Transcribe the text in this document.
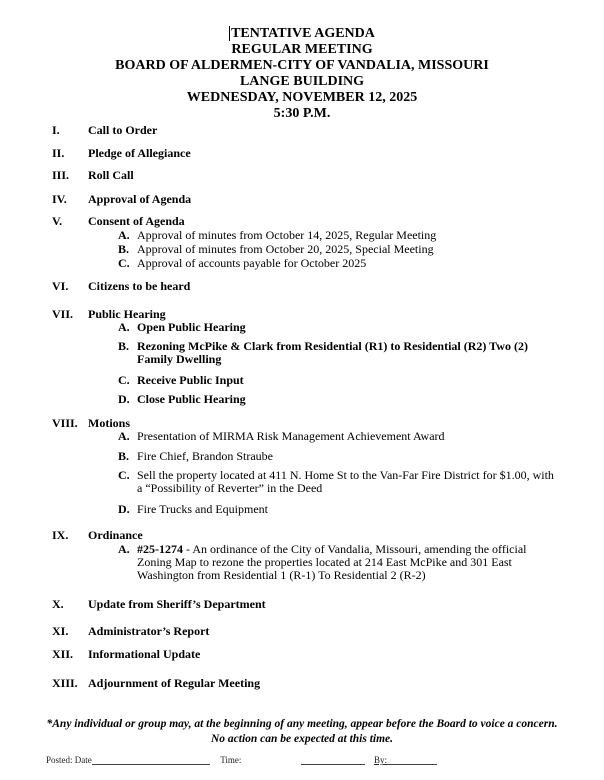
TENTATIVE AGENDA
REGULAR MEETING
BOARD OF ALDERMEN-CITY OF VANDALIA, MISSOURI
LANGE BUILDING
WEDNESDAY, NOVEMBER 12, 2025
5:30 P.M.
I. Call to Order
II. Pledge of Allegiance
III. Roll Call
IV. Approval of Agenda
V. Consent of Agenda
A. Approval of minutes from October 14, 2025, Regular Meeting
B. Approval of minutes from October 20, 2025, Special Meeting
C. Approval of accounts payable for October 2025
VI. Citizens to be heard
VII. Public Hearing
A. Open Public Hearing
B. Rezoning McPike & Clark from Residential (R1) to Residential (R2) Two (2) Family Dwelling
C. Receive Public Input
D. Close Public Hearing
VIII. Motions
A. Presentation of MIRMA Risk Management Achievement Award
B. Fire Chief, Brandon Straube
C. Sell the property located at 411 N. Home St to the Van-Far Fire District for $1.00, with a “Possibility of Reverter” in the Deed
D. Fire Trucks and Equipment
IX. Ordinance
A. #25-1274 - An ordinance of the City of Vandalia, Missouri, amending the official Zoning Map to rezone the properties located at 214 East McPike and 301 East Washington from Residential 1 (R-1) To Residential 2 (R-2)
X. Update from Sheriff’s Department
XI. Administrator’s Report
XII. Informational Update
XIII. Adjournment of Regular Meeting
*Any individual or group may, at the beginning of any meeting, appear before the Board to voice a concern. No action can be expected at this time.
Posted: Date	Time:	By:
